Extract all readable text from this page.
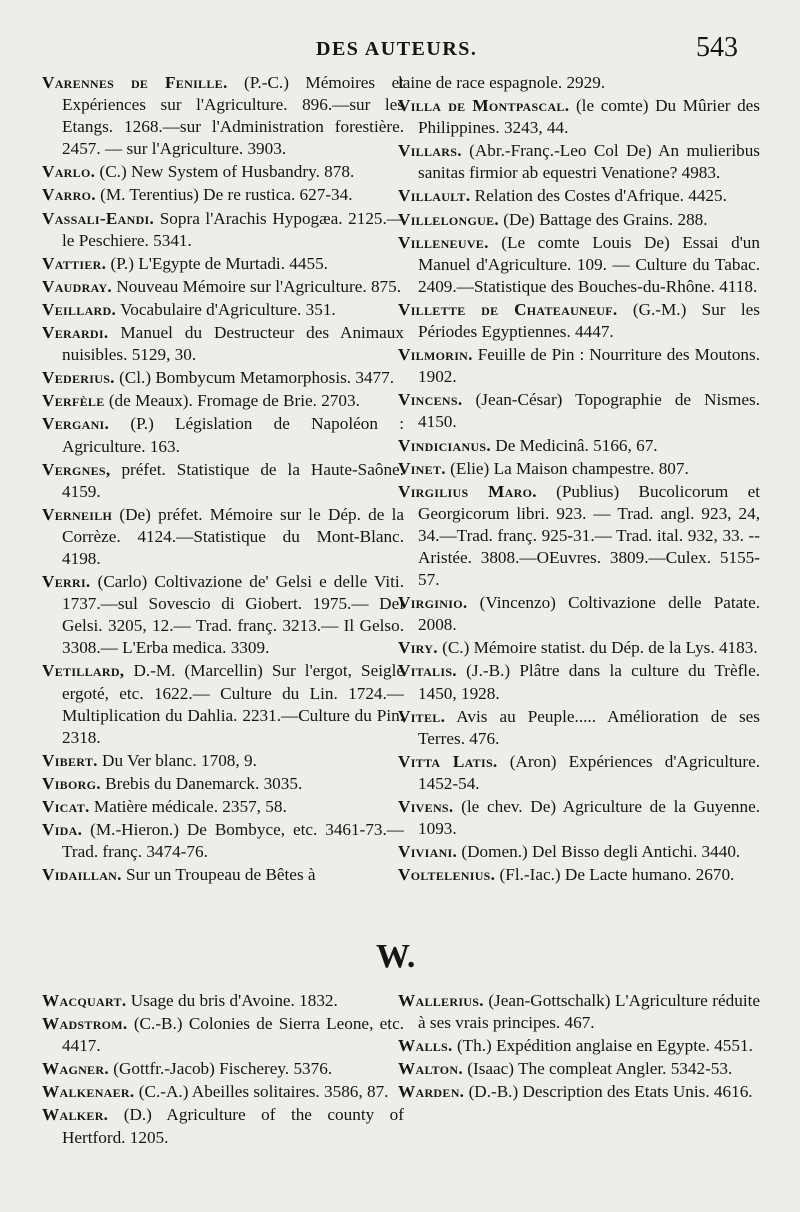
DES AUTEURS.	543

Varennes de Fenille. (P.-C.) Mémoires et Expériences sur l'Agriculture. 896.—sur les Etangs. 1268.—sur l'Administration forestière. 2457. — sur l'Agriculture. 3903.

Varlo. (C.) New System of Husbandry. 878.

Varro. (M. Terentius) De re rustica. 627-34.

Vassali-Eandi. Sopra l'Arachis Hypogæa. 2125.—le Peschiere. 5341.

Vattier. (P.) L'Egypte de Murtadi. 4455.

Vaudray. Nouveau Mémoire sur l'Agriculture. 875.

Veillard. Vocabulaire d'Agriculture. 351.

Verardi. Manuel du Destructeur des Animaux nuisibles. 5129, 30.

Vederius. (Cl.) Bombycum Metamorphosis. 3477.

Verfèle (de Meaux). Fromage de Brie. 2703.

Vergani. (P.) Législation de Napoléon : Agriculture. 163.

Vergnes, préfet. Statistique de la Haute-Saône. 4159.

Verneilh (De) préfet. Mémoire sur le Dép. de la Corrèze. 4124.—Statistique du Mont-Blanc. 4198.

Verri. (Carlo) Coltivazione de' Gelsi e delle Viti. 1737.—sul Sovescio di Giobert. 1975.— Dei Gelsi. 3205, 12.— Trad. franç. 3213.— Il Gelso. 3308.— L'Erba medica. 3309.

Vetillard, D.-M. (Marcellin) Sur l'ergot, Seigle ergoté, etc. 1622.— Culture du Lin. 1724.—Multiplication du Dahlia. 2231.—Culture du Pin. 2318.

Vibert. Du Ver blanc. 1708, 9.

Viborg. Brebis du Danemarck. 3035.

Vicat. Matière médicale. 2357, 58.

Vida. (M.-Hieron.) De Bombyce, etc. 3461-73.—Trad. franç. 3474-76.

Vidaillan. Sur un Troupeau de Bêtes à

laine de race espagnole. 2929.

Villa de Montpascal. (le comte) Du Mûrier des Philippines. 3243, 44.

Villars. (Abr.-Franç.-Leo Col De) An mulieribus sanitas firmior ab equestri Venatione? 4983.

Villault. Relation des Costes d'Afrique. 4425.

Villelongue. (De) Battage des Grains. 288.

Villeneuve. (Le comte Louis De) Essai d'un Manuel d'Agriculture. 109. — Culture du Tabac. 2409.—Statistique des Bouches-du-Rhône. 4118.

Villette de Chateauneuf. (G.-M.) Sur les Périodes Egyptiennes. 4447.

Vilmorin. Feuille de Pin : Nourriture des Moutons. 1902.

Vincens. (Jean-César) Topographie de Nismes. 4150.

Vindicianus. De Medicinâ. 5166, 67.

Vinet. (Elie) La Maison champestre. 807.

Virgilius Maro. (Publius) Bucolicorum et Georgicorum libri. 923. — Trad. angl. 923, 24, 34.—Trad. franç. 925-31.— Trad. ital. 932, 33. -- Aristée. 3808.—OEuvres. 3809.—Culex. 5155-57.

Virginio. (Vincenzo) Coltivazione delle Patate. 2008.

Viry. (C.) Mémoire statist. du Dép. de la Lys. 4183.

Vitalis. (J.-B.) Plâtre dans la culture du Trèfle. 1450, 1928.

Vitel. Avis au Peuple..... Amélioration de ses Terres. 476.

Vitta Latis. (Aron) Expériences d'Agriculture. 1452-54.

Vivens. (le chev. De) Agriculture de la Guyenne. 1093.

Viviani. (Domen.) Del Bisso degli Antichi. 3440.

Voltelenius. (Fl.-Iac.) De Lacte humano. 2670.

W.

Wacquart. Usage du bris d'Avoine. 1832.

Wadstrom. (C.-B.) Colonies de Sierra Leone, etc. 4417.

Wagner. (Gottfr.-Jacob) Fischerey. 5376.

Walkenaer. (C.-A.) Abeilles solitaires. 3586, 87.

Walker. (D.) Agriculture of the county of Hertford. 1205.

Wallerius. (Jean-Gottschalk) L'Agriculture réduite à ses vrais principes. 467.

Walls. (Th.) Expédition anglaise en Egypte. 4551.

Walton. (Isaac) The compleat Angler. 5342-53.

Warden. (D.-B.) Description des Etats Unis. 4616.
